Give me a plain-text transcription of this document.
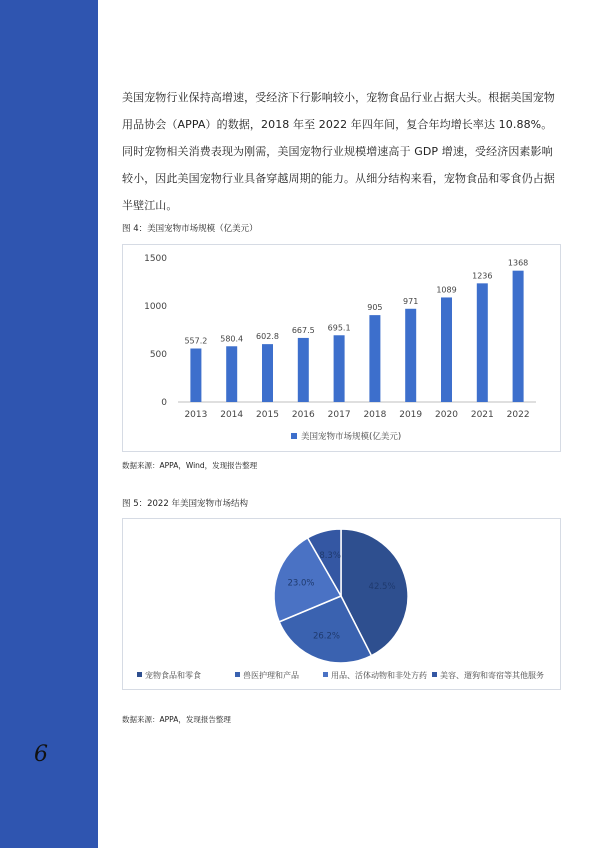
6
美国宠物行业保持高增速，受经济下行影响较小，宠物食品行业占据大头。根据美国宠物用品协会（APPA）的数据，2018 年至 2022 年四年间，复合年均增长率达 10.88%。同时宠物相关消费表现为刚需，美国宠物行业规模增速高于 GDP 增速，受经济因素影响较小，因此美国宠物行业具备穿越周期的能力。从细分结构来看，宠物食品和零食仍占据半壁江山。
图 4：美国宠物市场规模（亿美元）
0
500
1000
1500
557.2
2013
580.4
2014
602.8
2015
667.5
2016
695.1
2017
905
2018
971
2019
1089
2020
1236
2021
1368
2022
美国宠物市场规模(亿美元)
数据来源：APPA，Wind，发现报告整理
图 5：2022 年美国宠物市场结构
42.5%
26.2%
23.0%
8.3%
宠物食品和零食	兽医护理和产品	用品、活体动物和非处方药 美容、遛狗和寄宿等其他服务
数据来源：APPA，发现报告整理
